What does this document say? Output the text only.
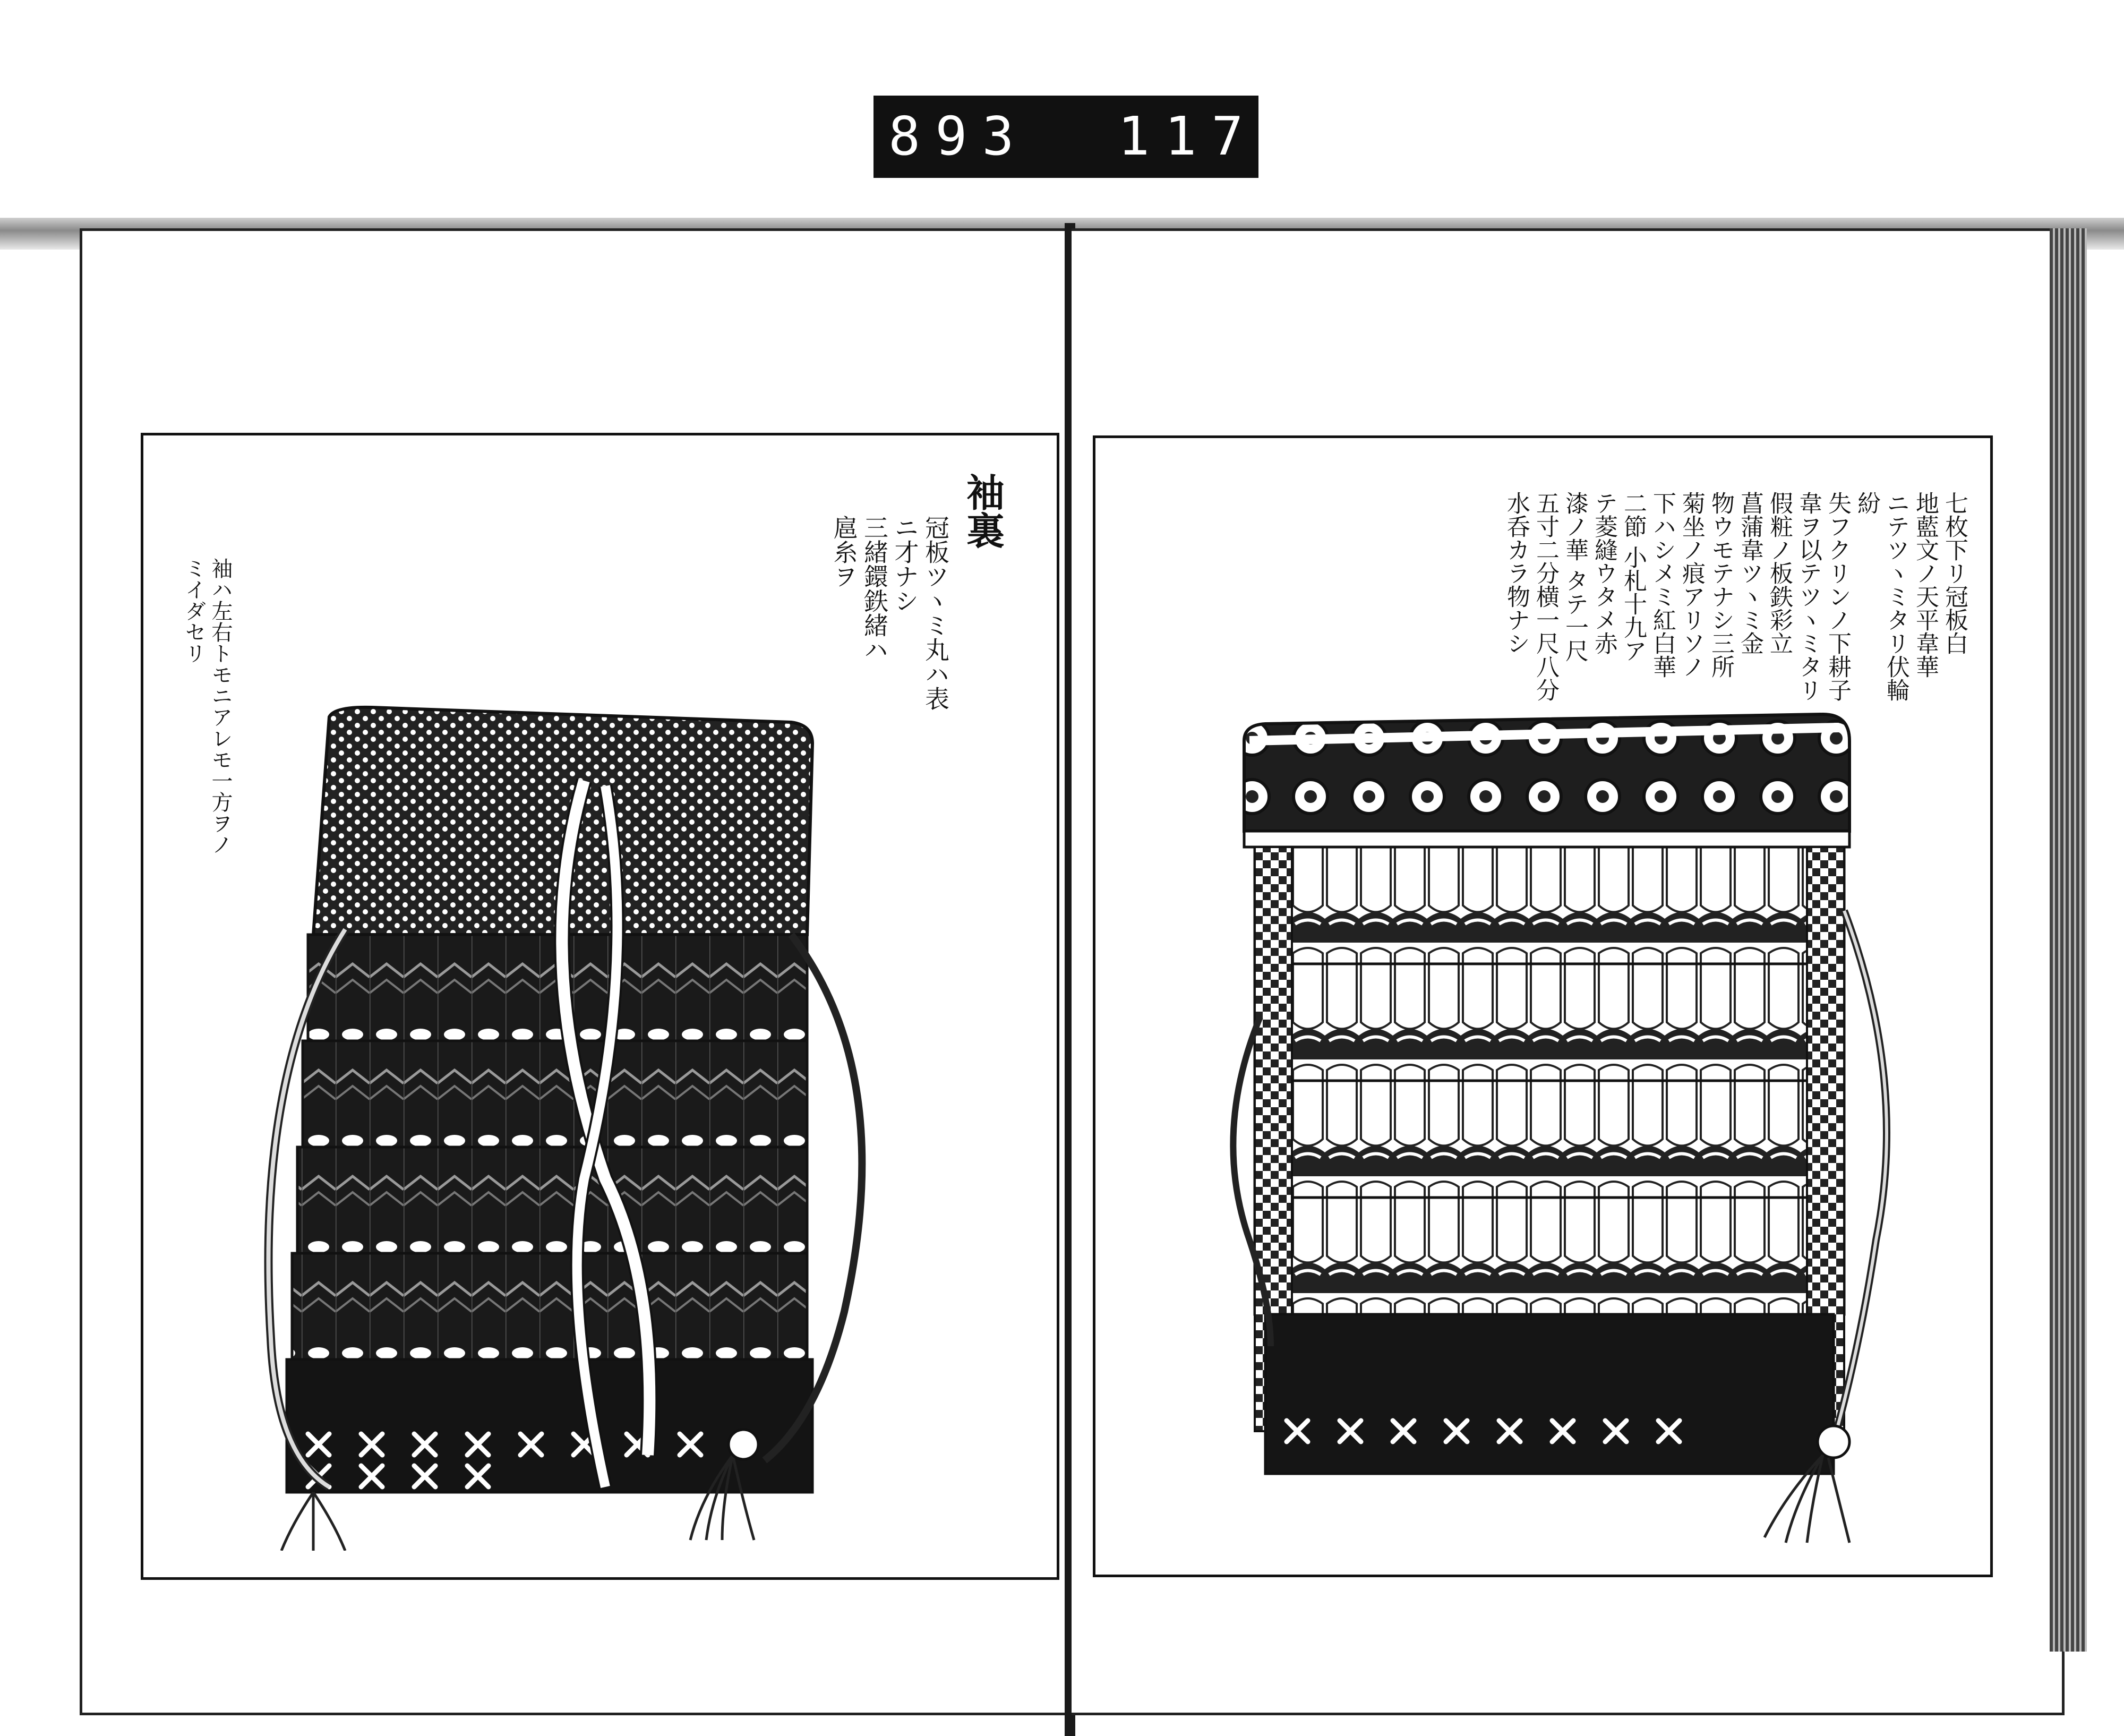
893 117.
袖裏
冠板ツヽミ丸ハ表
ニ才ナシ
三緒鐶鉄緒ハ
扈糸ヲ
袖ハ左右トモニアレモ一方ヲノ
ミイダセリ	七枚下リ冠板白
地藍文ノ天平韋華
ニテツヽミタリ伏輪紛
失フクリンノ下耕子
韋ヲ以テツヽミタリ
假粧ノ板鉄彩立
菖蒲韋ツヽミ金
物ウモテナシ三所
菊坐ノ痕アリソノ
下ハシメミ紅白華
二節 小札十九ア
テ菱縫ウタメ赤
漆ノ華 タテ一尺
五寸二分横一尺八分
水呑カラ物ナシ
